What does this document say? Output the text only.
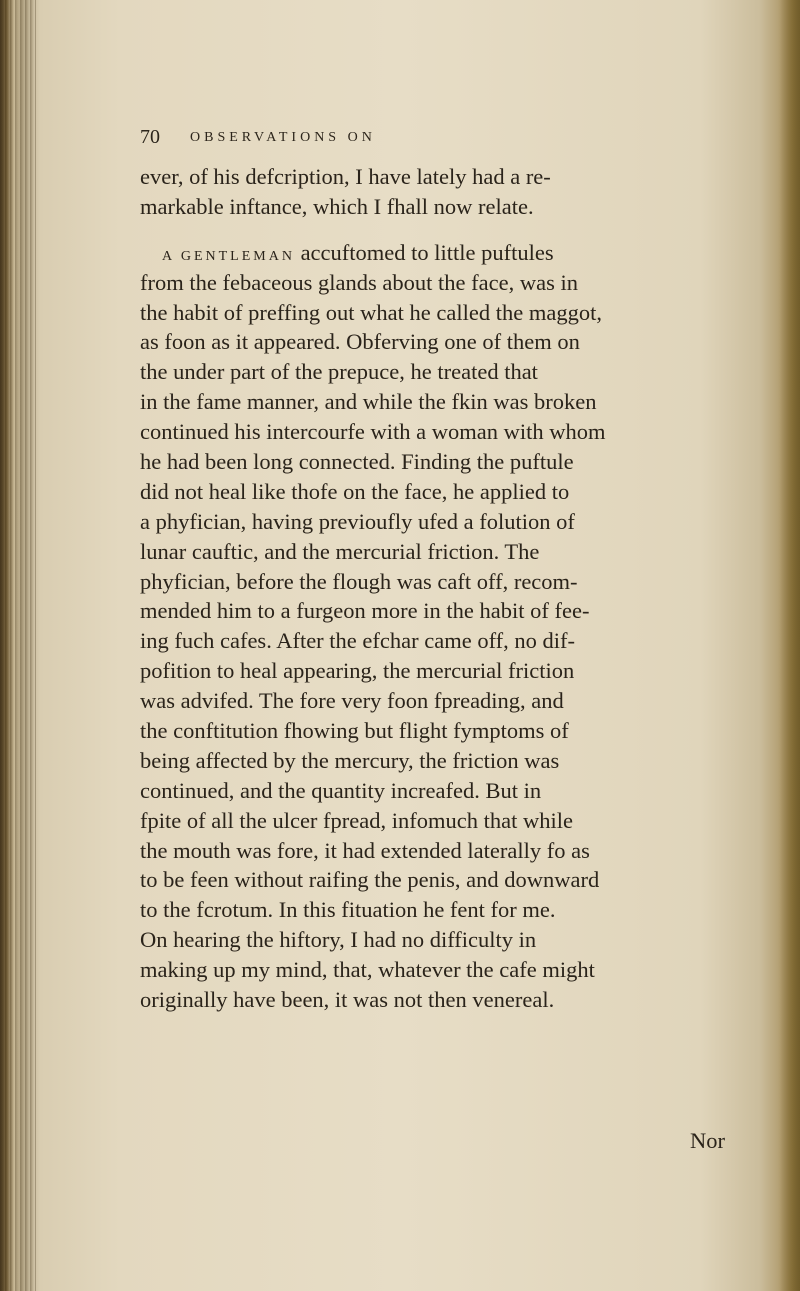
70 OBSERVATIONS ON
ever, of his defcription, I have lately had a re-
markable inftance, which I fhall now relate.
A GENTLEMAN accuftomed to little puftules
from the febaceous glands about the face, was in
the habit of preffing out what he called the maggot,
as foon as it appeared. Obferving one of them on
the under part of the prepuce, he treated that
in the fame manner, and while the fkin was broken
continued his intercourfe with a woman with whom
he had been long connected. Finding the puftule
did not heal like thofe on the face, he applied to
a phyfician, having previoufly ufed a folution of
lunar cauftic, and the mercurial friction. The
phyfician, before the flough was caft off, recom-
mended him to a furgeon more in the habit of fee-
ing fuch cafes. After the efchar came off, no dif-
pofition to heal appearing, the mercurial friction
was advifed. The fore very foon fpreading, and
the conftitution fhowing but flight fymptoms of
being affected by the mercury, the friction was
continued, and the quantity increafed. But in
fpite of all the ulcer fpread, infomuch that while
the mouth was fore, it had extended laterally fo as
to be feen without raifing the penis, and downward
to the fcrotum. In this fituation he fent for me.
On hearing the hiftory, I had no difficulty in
making up my mind, that, whatever the cafe might
originally have been, it was not then venereal.
Nor
